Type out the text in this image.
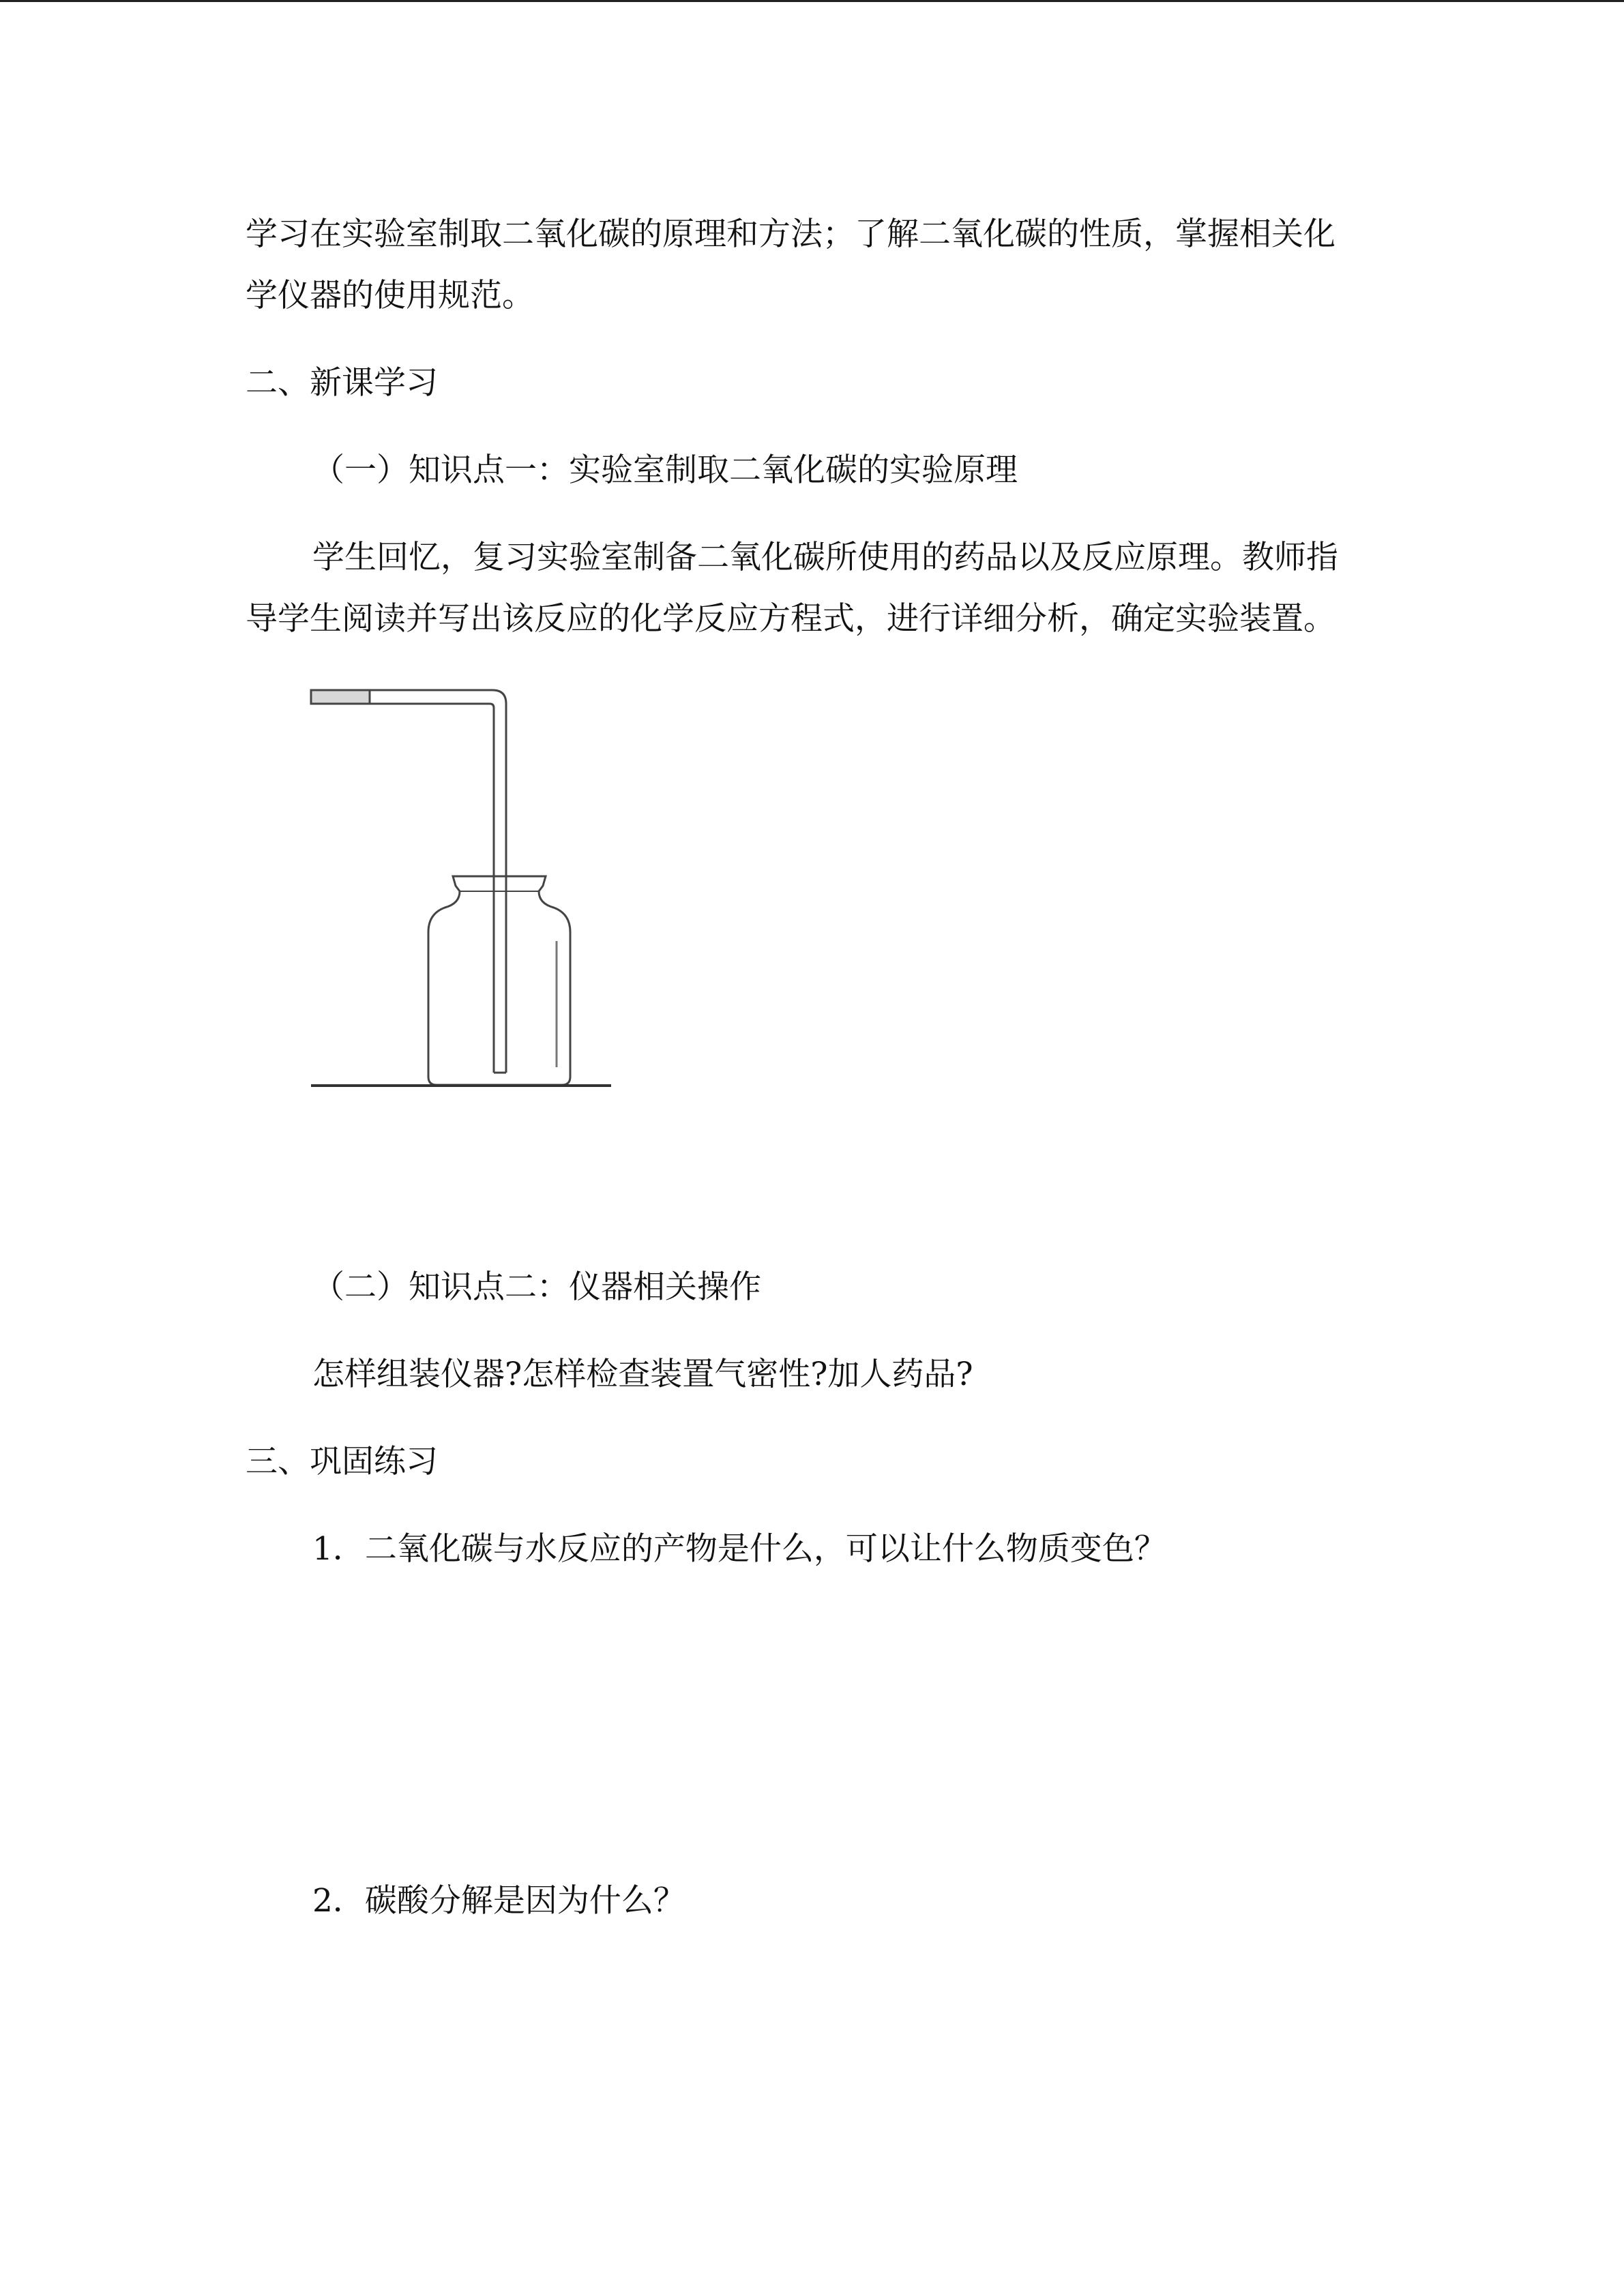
学习在实验室制取二氧化碳的原理和方法；了解二氧化碳的性质，掌握相关化

学仪器的使用规范。

二、新课学习
（一）知识点一：实验室制取二氧化碳的实验原理

学生回忆，复习实验室制备二氧化碳所使用的药品以及反应原理。教师指

导学生阅读并写出该反应的化学反应方程式，进行详细分析，确定实验装置。

（二）知识点二：仪器相关操作

怎样组装仪器?怎样检查装置气密性?加人药品?

三、巩固练习

1．二氧化碳与水反应的产物是什么，可以让什么物质变色？

2．碳酸分解是因为什么？
